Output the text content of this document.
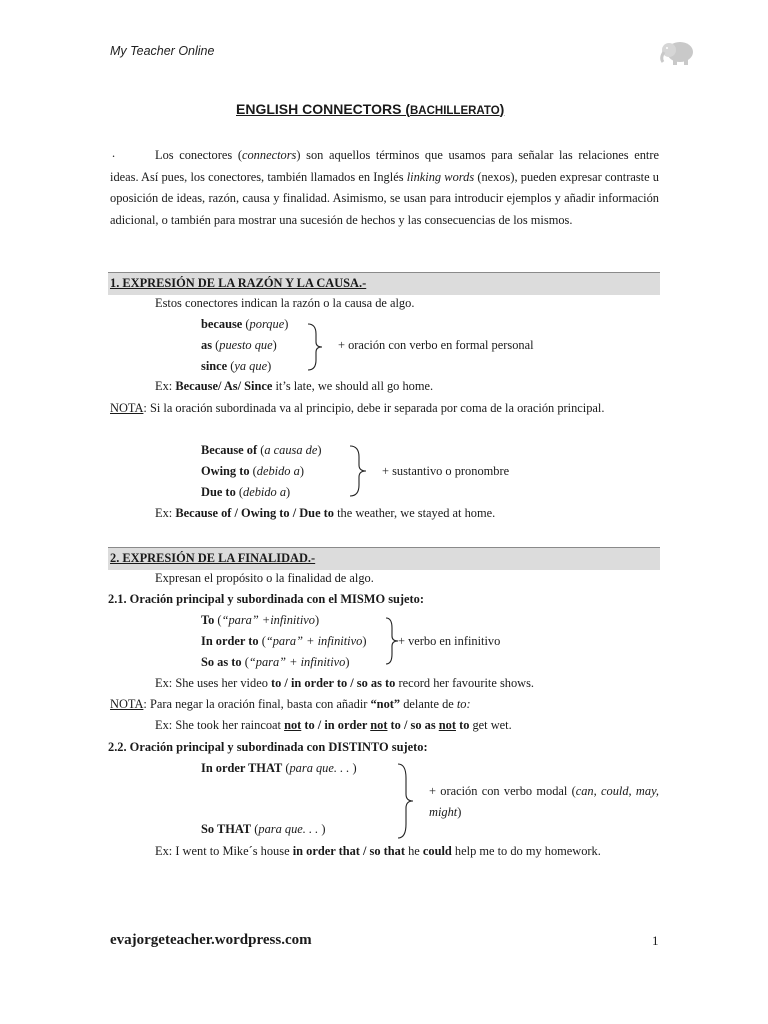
My Teacher Online
ENGLISH CONNECTORS (BACHILLERATO)
.	Los conectores (connectors) son aquellos términos que usamos para señalar las relaciones entre ideas. Así pues, los conectores, también llamados en Inglés linking words (nexos), pueden expresar contraste u oposición de ideas, razón, causa y finalidad. Asimismo, se usan para introducir ejemplos y añadir información adicional, o también para mostrar una sucesión de hechos y las consecuencias de los mismos.
1. EXPRESIÓN DE LA RAZÓN Y LA CAUSA.-
Estos conectores indican la razón o la causa de algo.
because (porque)
as (puesto que)
since (ya que)
+ oración con verbo en formal personal
Ex: Because/ As/ Since it’s late, we should all go home.
NOTA: Si la oración subordinada va al principio, debe ir separada por coma de la oración principal.
Because of (a causa de)
Owing to (debido a)
Due to (debido a)
+ sustantivo o pronombre
Ex: Because of / Owing to / Due to the weather, we stayed at home.
2. EXPRESIÓN DE LA FINALIDAD.-
Expresan el propósito o la finalidad de algo.
2.1. Oración principal y subordinada con el MISMO sujeto:
To (“para” +infinitivo)
In order to (“para” + infinitivo)
So as to (“para” + infinitivo)
+ verbo en infinitivo
Ex: She uses her video to / in order to / so as to record her favourite shows.
NOTA: Para negar la oración final, basta con añadir “not” delante de to:
Ex: She took her raincoat not to / in order not to / so as not to get wet.
2.2. Oración principal y subordinada con DISTINTO sujeto:
In order THAT (para que. . . )
So THAT (para que. . . )
+ oración con verbo modal (can, could, may, might)
Ex: I went to Mike´s house in order that / so that he could help me to do my homework.
evajorgeteacher.wordpress.com	1
